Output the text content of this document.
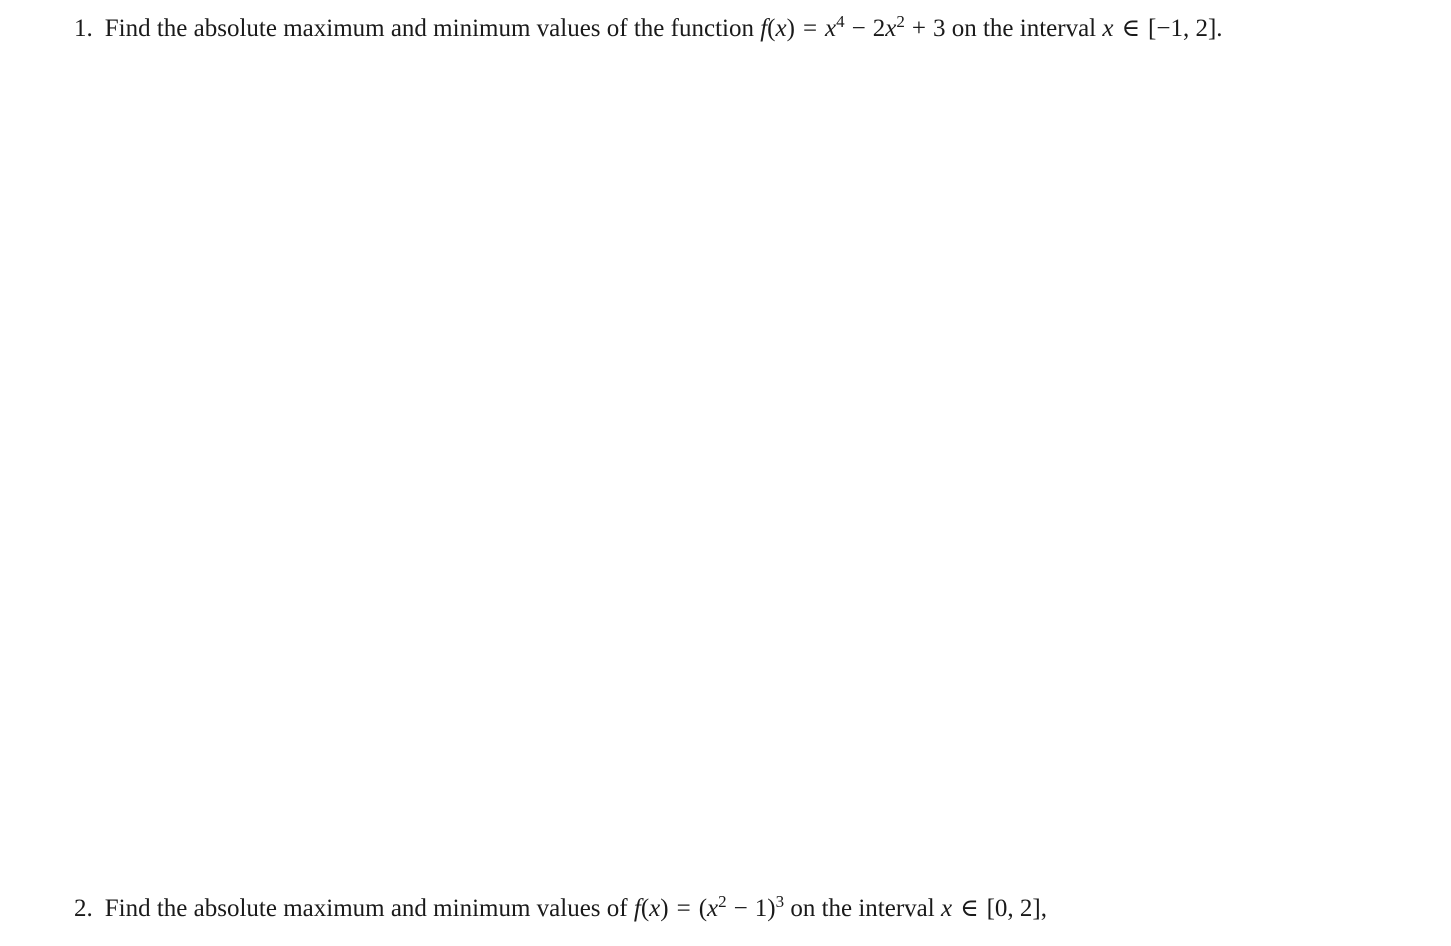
1. Find the absolute maximum and minimum values of the function $f(x) = x^4 - 2x^2 + 3$ on the interval x ∈ [−1, 2].
2. Find the absolute maximum and minimum values of $f(x) = (x^2 - 1)^3$ on the interval x ∈ [0, 2],
